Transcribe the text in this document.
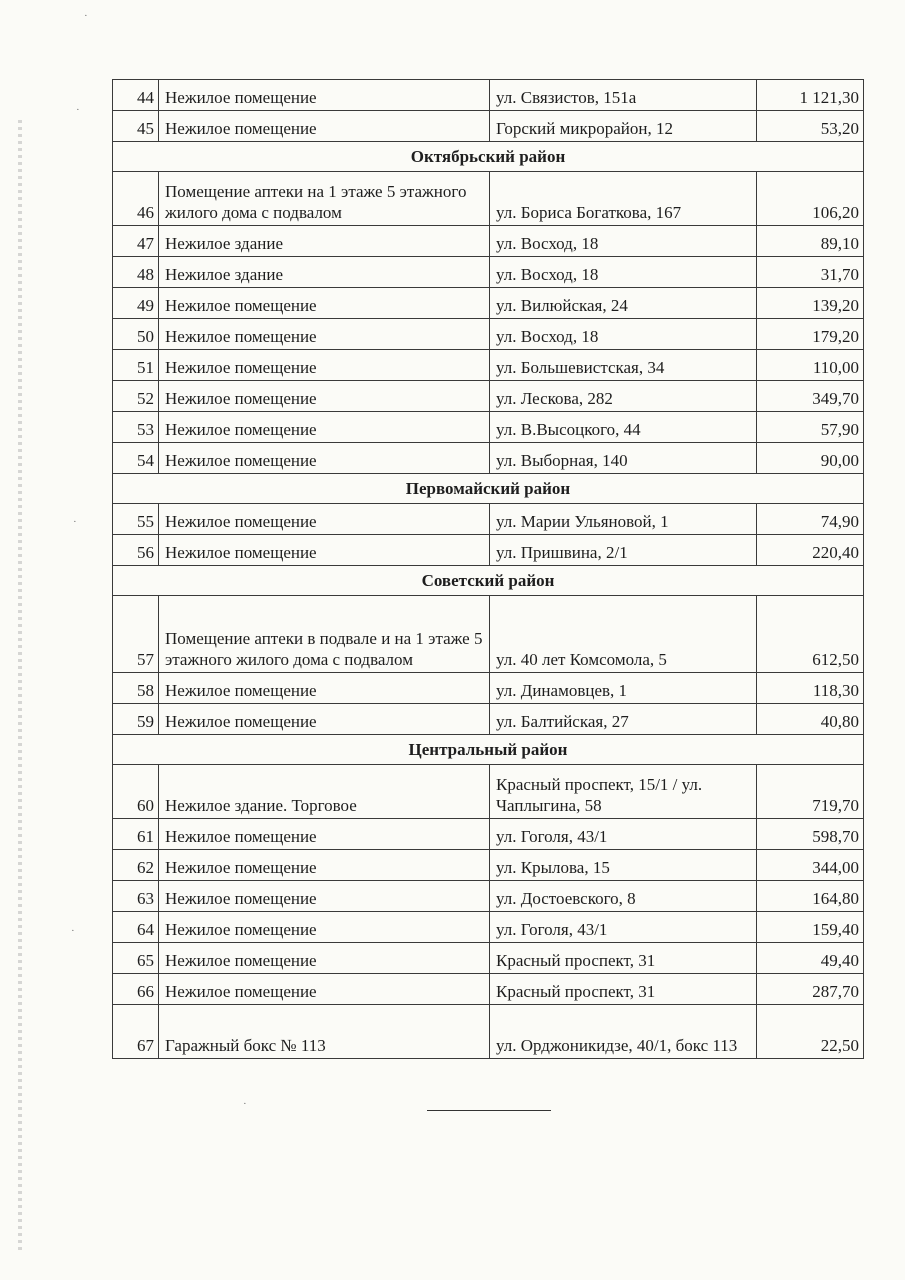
·
·
·
·
·
44	Нежилое помещение	ул. Связистов, 151а	1 121,30
45	Нежилое помещение	Горский микрорайон, 12	53,20
Октябрьский район			
46	Помещение аптеки на 1 этаже 5 этажного жилого дома с подвалом	ул. Бориса Богаткова, 167	106,20
47	Нежилое здание	ул. Восход, 18	89,10
48	Нежилое здание	ул. Восход, 18	31,70
49	Нежилое помещение	ул. Вилюйская, 24	139,20
50	Нежилое помещение	ул. Восход, 18	179,20
51	Нежилое помещение	ул. Большевистская, 34	110,00
52	Нежилое помещение	ул. Лескова, 282	349,70
53	Нежилое помещение	ул. В.Высоцкого, 44	57,90
54	Нежилое помещение	ул. Выборная, 140	90,00
Первомайский район			
55	Нежилое помещение	ул. Марии Ульяновой, 1	74,90
56	Нежилое помещение	ул. Пришвина, 2/1	220,40
Советский район			
57	Помещение аптеки в подвале и на 1 этаже 5 этажного жилого дома с подвалом	ул. 40 лет Комсомола, 5	612,50
58	Нежилое помещение	ул. Динамовцев, 1	118,30
59	Нежилое помещение	ул. Балтийская, 27	40,80
Центральный район			
60	Нежилое здание. Торговое	Красный проспект, 15/1 / ул. Чаплыгина, 58	719,70
61	Нежилое помещение	ул. Гоголя, 43/1	598,70
62	Нежилое помещение	ул. Крылова, 15	344,00
63	Нежилое помещение	ул. Достоевского, 8	164,80
64	Нежилое помещение	ул. Гоголя, 43/1	159,40
65	Нежилое помещение	Красный проспект, 31	49,40
66	Нежилое помещение	Красный проспект, 31	287,70
67	Гаражный бокс № 113	ул. Орджоникидзе, 40/1, бокс 113	22,50
